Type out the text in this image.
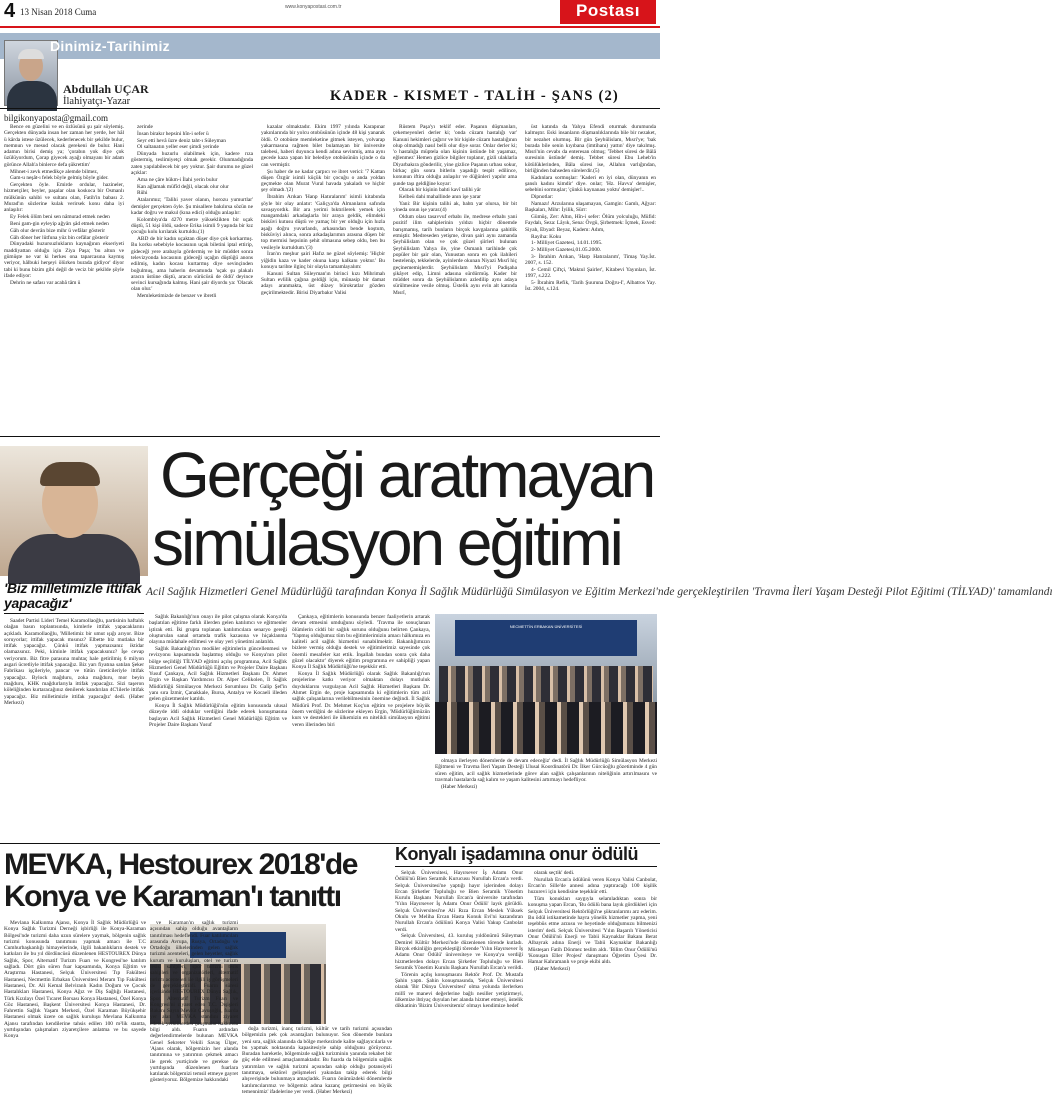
4 13 Nisan 2018 Cuma	www.konyapostasi.com.tr	Postası
Dinimiz-Tarihimiz
Abdullah UÇAR
İlahiyatçı-Yazar	KADER - KISMET - TALİH - ŞANS (2)
bilgikonyaposta@gmail.com

Bence en güzelini ve en özlüsünü şu şair söylemiş. Gerçekten dünyada insan her zaman her yerde, her hâl ü kârda istese üzülecek, kederlenecek bir şekilde bulur, memnun ve mesud olacak gerekeni de bulur. Hani adamın birisi demiş ya; 'çorabın yok diye çok üzülüyordum, Çorap giyecek ayağı olmayanı bir adam görünce Allah'a binlerce defa şükrettim'

Mihnet-i zevk etmedikçe alemde bilmez,

Gam-u neşât-ı felek böyle gelmiş böyle gider.

Gerçekten öyle. Emirde ordular, hazineler, hizmetçiler, beyler, paşalar olan koskoca bir Osmanlı mülkünün sahibi ve sultanı olan, Fatih'in babası 2. Murad'ın sözlerine kulak verirsek konu daha iyi anlaşılır:

Ey Felek ölüm beni sen nâmurad etmek neden

Beni gam-gin eyleyip ağyârı şâd etmek neden

Gâh olur devrân bize mihr ü vefâlar gösterir

Gâh döner her lütfuna yüz bin cefâlar gösterir

Dünyadaki huzursuzlukların kaynağının ekseriyeti maddiyattan olduğu için Ziya Paşa; 'bu altun ve gümüşte ne var ki herkes ona taparcasına kaymış veriyor, hâlbuki herşeyi ölürken burada gidiyor' diyor tabi ki bunu bizim gibi değil de veciz bir şekilde şöyle ifade ediyor:

Dehrin ne safası var acabâ tâm ü

zerinde

İnsan birakır hepsini hîn-i sefer ü

Seyr etti hevâ üzre deniz taht-ı Süleyman

Ol saltanatın yeller eser şimdi yerinde

Dünyada huzurlu olabilmek için, kadere rıza göstermiş, teslimiyetçi olmak gerekir. Olunmadığında zaten yapılabilecek bir şey yoktur. Şair durumu ne güzel açıklar:

Ama ne çâre hükm-i İlahi yerin bulur

Kan ağlamak müfîd değil, olacak olur olur

Rühi

Atalarımız; 'Talihi yaver olanın, horozu yumurtlar' demişler gerçekten öyle. Şu misallere bakılırsa sözün ne kadar doğru ve makul (kına edici) olduğu anlaşılır:

Kolombiya'da 4270 metre yükseklikten bir uçak düştü, 51 kişi öldü, sadece Erika isimli 9 yaşında bir kız çocuğu kolu kırılarak kurtuldu.(1)

ABD de bir kadın uçaktan düşer diye çok korkarmış. Bu korku sebebiyle kocasının uçak biletini iptal ettirip, gideceği yere arabayla gördermiş ve bir müddet sonra televizyonda kocasının gideceği uçağın düştüğü anons edilmiş, kadın kocası kurtarmış diye sevinçinden boğulmuş, ama haberin devamında 'uçak şu plakalı aracın üstüne düştü, aracın sürücüsü de öldü' deyince sevinci kursağında kalmış. Hani şair diyordu ya: 'Olacak olan olur.'

Memleketimizde de benzer ve ibretli

kazalar olmaktadır. Ekim 1997 yılında Karapınar yakınlarında bir yolcu otobüsünün içinde 48 kişi yanarak öldü. O otobüste memleketine gitmek isteyen, yolvarap yakarmasına rağmen bilet bulamayan bir üniversite talebesi, haberi duyunca kendi adına sevinmiş, ama aynı gecede kaza yapan bir belediye otobüsünün içinde o da can vermiştir.

Şu haber de ne kadar çarpıcı ve ibret verici: '7 Kattan düşen Özgür isimli küçük bir çocuğu o anda yoldan geçmekte olan Murat Vural havada yakaladı ve hiçbir şey olmadı.'(2)

İbrahim Arıkan 'Hanp Hatıralarım' isimli kitabında şöyle bir olay anlatır: 'Galiçya'da Almanların safında savaşıyordık. Bir ara yerimi bıktırilerek yemek için mangamdaki arkadaşlarla bir araya geldik, elimdeki bisküvi kutusu düştü ve yamaç bir yer olduğu için hızla aşağı doğru yuvarlandı, arkasından bende koştum, bisküviyi alınca, sonra arkadaşlarımın arasına düşen bir top mermisi hepsinin şehit olmasına sebep oldu, ben bu vesileyle kurtuldum.'(3)

İran'ın meşhur şairi Hafız ne güzel söylemiş: 'Hiçbir yiğidin kaza ve kader okuna karşı kalkanı yoktur.' Bu konuyu tarihte ilginç bir olayla tamamlayalım:

Kanuni Sultan Süleyman'ın birinci kızı Mihrimah Sultan evlilik çağına geldiği için, münasip bir damat adayı aranmakta, üst düzey bürokratlar gözden geçirilmektedir. Birisi Diyarbakır Valisi

Rüstem Paşa'yı teklif eder. Paşanın düşmanları, çekemeyenleri derler ki; 'onda cüzam hastalığı var' Kanuni hekimleri çağırır ve bir kişide cüzam hastalığının olup olmadığı nasıl belli olur diye sorar. Onlar derler ki; 'o hastalığa müptela olan kişinin üstünde bit yaşamaz, eğlenmez' Hemen gizlice bilgiler toplanır, gizli ulaklarla Diyarbakıra gönderilir, yine gizlice Paşanın urbası sokur, birkaç gün sonra bitlerin yaşadığı tespit edilince, konunun iftira olduğu anlaşılır ve düğünleri yapılır ama şunde taşı geldiğine koyar:

Olacak bir kişinin bahti kavî talihi yâr

Kelbeü dahi mahallinde anın işe yarar

Yani: Bir kişinin talihi ak, bahtı yar olursa, bir bit yineda onun işe yarar.(4)

Oldum olası tasavvuf erbabı ile, medrese erbabı yani pozitif ilim sahiplerinin yıldızı hiçbir dönemde barışmamış, tarih bunların birçok kavgalarına şahitlik etmiştir. Medreseden yetişme, divan şairi aynı zamanda Şeyhülislam olan ve çok güzel şiirleri bulunan Şeyhülislam Yahya ile, yine Osmanlı tarihinde çok popüler bir şair olan, Yunustan sonra en çok ilahileri bestelenip, tekkelerde, ayinlerde okunan Niyazi Mısrî hiç geçinememişlerdir. Şeyhülislam Mısrî'yi Padişaha şikâyet edip, Limni adasına sürdürmüş. Kader bir müddet sonra da Şeyhülislamın azledilip aynı adaya sürülmesine vesile olmuş. Üstelik aynı evin alt katında Mısrî,

üst katında da Yahya Efendi oturmak durumunda kalmıştır. Eski insanların düşmanlıklarında bile bir nezaket, bir nezahet olurmuş. Bir gün Şeyhülislam, Mısri'ye; 'bak burada bile senin kıyıbana (imtihanı) yattın' diye takılmış. Mısri'nin cevabı da enteresan olmuş; 'Tebbet süresi de Bâlâ suresinin üstünde' demiş. Tebbet süresi Ebu Leheb'in kötülüklerinden, Bâla süresi ise, Allahın varlığından, birliğinden bahseden sürelerdir.(5)

Kadınlara sormuşlar: 'Kaderi en iyi olan, dünyanın en şanslı kadını kimdir' diye. onlar; 'Hz. Havva' demişler, sebebini sormuşlar; 'çünkü kaynanası yoktu' demişler!..

Dipnotlar:

Namazı! Arzularına ulaşamayan, Gamgin: Gamlı, Ağyar: Başkaları, Mihr: İyilik, Sürr:

Gümüş, Zer: Altın, Hîn-i sefer: Ölüm yolculuğu, Müfid: Faydalı, Seza: Lâyık, Sena: Övgü, Şirbetmek: İçmek, Esved: Siyah, Ebyad: Beyaz, Kadem: Adım,

Rayiha: Koku

1- Milliyet Gazetesi, 14.01.1995.

2- Milliyet Gazetesi,01.05.2000.

3- İbrahim Arıkan, 'Harp Hatıralarım', Timaş Yay.İst. 2007, s. 152.

4- Cemil Çiftçi, 'Maktul Şairler', Kitabevi Yayınları, İst. 1997, s.222.

5- İbrahim Refik, 'Tarih Şuuruna Doğru-I', Albatros Yay. İst. 2004, s.124.

Gerçeği aratmayan
simülasyon eğitimi
Acil Sağlık Hizmetleri Genel Müdürlüğü tarafından Konya İl Sağlık Müdürlüğü Simülasyon ve Eğitim Merkezi'nde gerçekleştirilen 'Travma İleri Yaşam Desteği Pilot Eğitimi (TİLYAD)' tamamlandı
'Biz milletimizle ittifak yapacağız'

Saadet Partisi Lideri Temel Karamollaoğlu, partisinin haftalık olağan basın toplantısında, kimlerle ittifak yapacaklarını açıkladı. Karamollaoğlu, 'Milletimiz bir umut ışığı arıyor. Bize soruyorlar; ittifak yapacak mısınız? Elbette biz mutlaka bir ittifak yapacağız. Çünkü ittifak yapmazsanız iktidar olamazsınız. Peki, kiminle ittifak yapacaksınız? İşe cevap veriyorum. Biz fitre parasına muhtaç hale getirilmiş 6 milyon asgari ücretliyle ittifak yapacağız. Biz yarı fiyatına satılan Şeker Fabrikası işçileriyle, pancar ve tütün üreticileriyle ittifak yapacağız. Bylock mağduru, zoka mağduru, mor beyin mağduru, KHK mağdurlarıyla ittifak yapacağız. Sizi taşeron köleliğinden kurtaracağınız denilerek kandırılan 4C'lilerle ittifak yapacağız. Biz milletimizle ittifak yapacağız' dedi. (Haber Merkezi)

Sağlık Bakanlığı'nın onayı ile pilot çalışma olarak Konya'da başlatılan eğitime farklı illerden gelen katılımcı ve eğitmenler iştirak etti. İki grupta toplanan katılımcılara senaryo gereği oluşturulan sanal ortamda trafik kazasına ve hiçaklanma olayına müdahale edilmesi ve olay yeri yönetimi anlatıldı.

Sağlık Bakanlığı'nın modüler eğitimlerin güncellenmesi ve revizyonu kapsamında başlatmış olduğu ve Konya'nın pilot bölge seçildiği TİLYAD eğitimi açılış programına, Acil Sağlık Hizmetleri Genel Müdürlüğü Eğitim ve Projeler Daire Başkanı Yusuf Çankaya, Acil Sağlık Hizmetleri Başkanı Dr. Ahmet Ergin ve Başkan Yardımcısı Dr. Alper Celikolen, İl Sağlık Müdürlüğü Simülasyon Merkezi Sorumlusu Dr. Galip Şef'in yanı sıra İzmir, Çanakkale, Bursa, Antalya ve Kocaeli illeden gelen gözetmenler katıldı.

Konya İl Sağlık Müdürlüğü'nün eğitim konusunda ulusal düzeyde iddi olduklar verdiğini ifade ederek konuşmasına başlayan Acil Sağlık Hizmetleri Genel Müdürlüğü Eğitim ve Projeler Daire Başkanı Yusuf

Çankaya, eğitimlerin konusunda benzer faaliyetlerin artarak devam etmesini umduğunu söyledi. 'Travma ile sonuçlanan ölümlerin ciddi bir sağlık sorunu olduğunu belirten Çankaya, 'Yapmış olduğumuz tüm bu eğitimlerimizin amacı hâlkımıza en kaliteli acil sağlık hizmetini sunabilmektir. Bakanlığımızın bizlere vermiş olduğu destek ve eğitimlerimiz sayesinde çok önemli mesafeler kat ettik. İnşallah bundan sonra çok daha güzel olacaktır' diyerek eğitim programına ev sahipliği yapan Konya İl Sağlık Müdürlüğü'ne teşekkür etti.

Konya İl Sağlık Müdürlüğü olarak Sağlık Bakanlığı'nın projelerine katkı veriyor olmaktan dolayı mutluluk duyduklarını vurgulayan Acil Sağlık Hizmetleri Başkanı Dr. Ahmet Ergin de, proje kapsamında ki eğitimlerin tüm acil sağlık çalışanlarına verilebilmesinin önemine değindi. İl Sağlık Müdürü Prof. Dr. Mehmet Koç'un eğitim ve projelere büyük önem verdiğini de sözlerine ekleyen Ergin, 'Müdürlüğümüzün kurs ve destekleri ile ülkemizin en nitelikli simülasyon eğitimi veren illerinden biri

NECMETTİN ERBAKAN ÜNİVERSİTESİ

olmaya ilerleyen dönemlerde de devam edeceğiz' dedi. İl Sağlık Müdürlüğü Simülasyon Merkezi Eğitmeni ve Travma İleri Yaşam Desteği Ulusal Koordinatörü Dr. İlker Gürcüoğlu gözetiminde 4 gün süren eğitim, acil sağlık hizmetlerinde görev alan sağlık çalışanlarının niteliğinin artırılmasını ve travmalı hastalarda sağ kalım ve yaşam kalitesini artırmayı hedefliyor.

(Haber Merkezi)

MEVKA, Hestourex 2018'de
Konya ve Karaman'ı tanıttı

Mevlana Kalkınma Ajansı, Konya İl Sağlık Müdürlüğü ve Konya Sağlık Turizmi Derneği işbirliği ile Konya-Karaman Bölgesi'nde turizmi daha uzun sürelere yaymak, bölgenin sağlık turizmi konusunda tanıtımını yapmak amacı ile T.C Cumhurbaşkanlığı himayelerinde, ilgili bakanlıkların destek ve katkıları ile bu yıl dördüncüsü düzenlenen HESTOUREX Dünya Sağlık, Spor, Alternatif Turizm Fuarı ve Kongresi'ne katılım sağladı. Dört gün süren fuar kapsamında, Konya Eğitim ve Araştırma Hastanesi, Selçuk Üniversitesi Tıp Fakültesi Hastanesi, Necmettin Erbakan Üniversitesi Meram Tıp Fakültesi Hastanesi, Dr. Ali Kemal Belviranlı Kadın Doğum ve Çocuk Hastalıkları Hastanesi, Konya Ağız ve Diş Sağlığı Hastanesi, Türk Kızılayı Özel Tıcaret Borsası Konya Hastanesi, Özel Konya Göz Hastanesi, Başkent Üniversitesi Konya Hastanesi, Dr. Fahrettin Sağlık Yaşam Merkezi, Özel Karaman Büyükşehir Hastanesi olmak üzere on sağlık kuruluşu Mevlana Kalkınma Ajansı tarafından kendilerine tahsis edilen 100 m²lik stantta, yurtdışından çalışmaları ziyaretçilere anlatma ve bu sayede Konya

ve Karaman'ın sağlık turizmi açısından sahip olduğu avantajların tanıtılması hedeflendi. Fuar katılımcıları arasında Avrupa, Rusya, Ortadoğu ve Ortadoğu ülkelerinden gelen sağlık turizmi acenteleri, gelen heyetler, sağlık kurum ve kuruluşları, otel ve turizm tesisi sahipleri, spor turizmi tesis sahipleri ve organizatörleri, alternatif turizm acenteleri ile ilgili iş görüşmeleri de gerçekleştirildi. Fuarın süresi içerisinde HESTOUREX Dünya Sağlık, Spor, Alternatif Turizm Fuarı ve Kongresi'ni ziyaret eden T.C. Dışişleri Bakanı Sayın Mevlüt Çavuşoğlu, fuarda yer alan MEVKA standını ziyaret ederek yetkililerden çalışmalar hakkında bilgi aldı. Fuarın ardından değerlendirmelerde bulunan MEVKA Genel Sekreter Vekili Savaş Ülger, 'Ajans olarak, bölgemizin her alanda tanıtımına ve yatırımın çekmek amacı ile gerek yurtiçinde ve gerekse de yurtdışında düzenlenen fuarlara katılarak bölgemizi temsil etmeye gayret gösteriyoruz. Bölgemize hakkındaki

doğa turizmi, inanç turizmi, kültür ve tarih turizmi açısından bölgemizin pek çok avantajları bulunuyor. Son dönemde bunlara yeni sıra, sağlık alanında da bölge merkezinde kalite sağlayıcılarla ve bu yapmak noktasında kapasitesiyle sahip olduğunu görüyoruz. Buradan hareketle, bölgemizde sağlık turizminin yanında rekabet bir güç elde edilmesi amaçlanmaktadır. Bu fuarda da bölgemizin sağlık yatırımları ve sağlık turizmi açısından sahip olduğu potansiyeli tanıtmaya, sektörel gelişmeleri yakından takip ederek bilgi alışverişinde bulunmaya amaçladık. Fuarın önümüzdeki dönemlerde katılımcılarımız ve bölgemiz adına kazanç getirmesini en büyük temennimiz' ifadelerine yer verdi. (Haber Merkezi)

Konyalı işadamına onur ödülü

Selçuk Üniversitesi, Hayırsever İş Adamı Onur Ödülü'nü Bien Seramik Kurucusu Nurullah Ercan'a verdi. Selçuk Üniversitesi'ne yaptığı hayır işlerinden dolayı Ercan Şirketler Topluluğu ve Bien Seramik Yönetim Kurulu Başkanı Nurullah Ercan'a üniversite tarafından 'Yılın Hayırsever İş Adamı Onur Ödülü' layık görüldü. Selçuk Üniversitesi'ne Ali Rıza Ercan Meslek Yüksek Okulu ve Meliha Ercan Hasta Konuk Evi'ni kazandıran Nurullah Ercan'a ödülünü Konya Valisi Yakup Canbolat verdi.

Selçuk Üniversitesi, 43. kuruluş yıldönümü Süleyman Demirel Kültür Merkezi'nde düzenlenen törende kutladı. Birçok etkinliğin gerçekleştiği törende 'Yılın Hayırsever İş Adamı Onur Ödülü' üniversiteye ve Konya'ya verdiği hizmetlerden dolayı Ercan Şirketler Topluluğu ve Bien Seramik Yönetim Kurulu Başkanı Nurullah Ercan'a verildi.

Törenin açılış konuşmasını Rektör Prof. Dr. Mustafa Şahin yaptı. Şahin konuşmasında, 'Selçuk Üniversitesi olarak 'Bir Dünya Üniversitesi' olma yolunda ilerlerken millî ve manevi değerlerine bağlı nesiller yetiştirmeyi, ülkemize ihtiyaç duyulan her alanda hizmet etmeyi, üstelik dikkatinin 'Bizim Üniversitemiz' olmayı kendimize hedef

olarak seçtik' dedi.

Nurullah Ercan'a ödülünü veren Konya Valisi Canbolat, Ercan'ın Sille'de annesi adına yaptıracağı 100 kişilik huzurevi için kendisine teşekkür etti.

Tüm konukları saygıyla selamladıktan sonra bir konuşma yapan Ercan, 'Bu ödülü bana layık gördükleri için Selçuk Üniversitesi Rektörlüğü'ne şükranlarımı arz ederim. Bu ödül istikametinde hayra yönelik hizmetler yapma, yeni teşebbüs etme arzusu ve heyetinde olduğumuzu bilmenizi isterim' dedi. Selçuk Üniversitesi 'Yılın Başarılı Yöneticisi Onur Ödülü'nü Enerji ve Tabii Kaynaklar Bakanı Berat Albayrak adına Enerji ve Tabii Kaynaklar Bakanlığı Müsteşarı Fatih Dönmez teslim aldı. 'Bilim Onur Ödülü'nü 'Konuşan Eller Projesi' danışmanı Öğretim Üyesi Dr. Hamar Kahramanlı ve proje ekibi aldı.

(Haber Merkezi)
